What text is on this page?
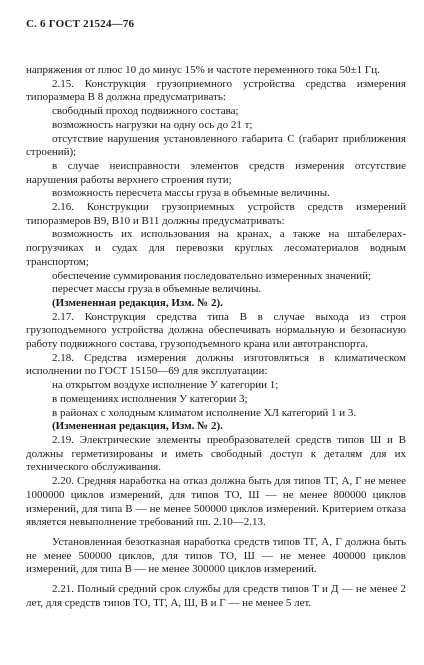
С. 6 ГОСТ 21524—76

напряжения от плюс 10 до минус 15% и частоте переменного тока 50±1 Гц.

2.15. Конструкция грузоприемного устройства средства измерения типоразмера В 8 должна предусматривать:

свободный проход подвижного состава;

возможность нагрузки на одну ось до 21 т;

отсутствие нарушения установленного габарита С (габарит приближения строений);

в случае неисправности элементов средств измерения отсутствие нарушения работы верхнего строения пути;

возможность пересчета массы груза в объемные величины.

2.16. Конструкции грузоприемных устройств средств измерений типоразмеров В9, В10 и В11 должны предусматривать:

возможность их использования на кранах, а также на штабелерах-погрузчиках и судах для перевозки круглых лесоматериалов водным транспортом;

обеспечение суммирования последовательно измеренных значений;

пересчет массы груза в объемные величины.

(Измененная редакция, Изм. № 2).

2.17. Конструкция средства типа В в случае выхода из строя грузоподъемного устройства должна обеспечивать нормальную и безопасную работу подвижного состава, грузоподъемного крана или автотранспорта.

2.18. Средства измерения должны изготовляться в климатическом исполнении по ГОСТ 15150—69 для эксплуатации:

на открытом воздухе исполнение У категории 1;

в помещениях исполнения У категории 3;

в районах с холодным климатом исполнение ХЛ категорий 1 и 3.

(Измененная редакция, Изм. № 2).

2.19. Электрические элементы преобразователей средств типов Ш и В должны герметизированы и иметь свободный доступ к деталям для их технического обслуживания.

2.20. Средняя наработка на отказ должна быть для типов ТГ, А, Г не менее 1000000 циклов измерений, для типов ТО, Ш — не менее 800000 циклов измерений, для типа В — не менее 500000 циклов измерений. Критерием отказа является невыполнение требований пп. 2.10—2.13.

Установленная безотказная наработка средств типов ТГ, А, Г должна быть не менее 500000 циклов, для типов ТО, Ш — не менее 400000 циклов измерений, для типа В — не менее 300000 циклов измерений.

2.21. Полный средний срок службы для средств типов Т и Д — не менее 2 лет, для средств типов ТО, ТГ, А, Ш, В и Г — не менее 5 лет.
